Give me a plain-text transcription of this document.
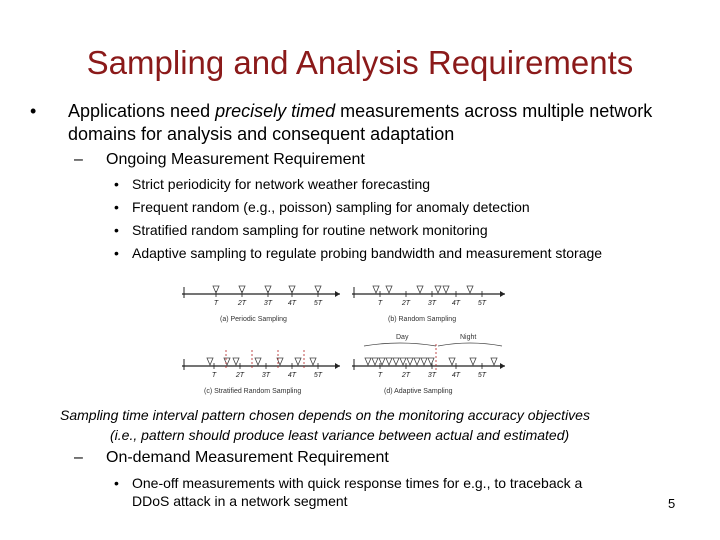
Sampling and Analysis Requirements
• Applications need precisely timed measurements across multiple network domains for analysis and consequent adaptation
– Ongoing Measurement Requirement
• Strict periodicity for network weather forecasting
• Frequent random (e.g., poisson) sampling for anomaly detection
• Stratified random sampling for routine network monitoring
• Adaptive sampling to regulate probing bandwidth and measurement storage
T	2T	3T 4T	5T	T	2T	3T 4T	5T
T	2T	3T	4T	5T	T	2T	3T 4T	5T
(a) Periodic Sampling	(b) Random Sampling
(c) Stratified Random Sampling	(d) Adaptive Sampling
Day	Night
Sampling time interval pattern chosen depends on the monitoring accuracy objectives
(i.e., pattern should produce least variance between actual and estimated)
– On-demand Measurement Requirement
• One-off measurements with quick response times for e.g., to traceback a
DDoS attack in a network segment	5
